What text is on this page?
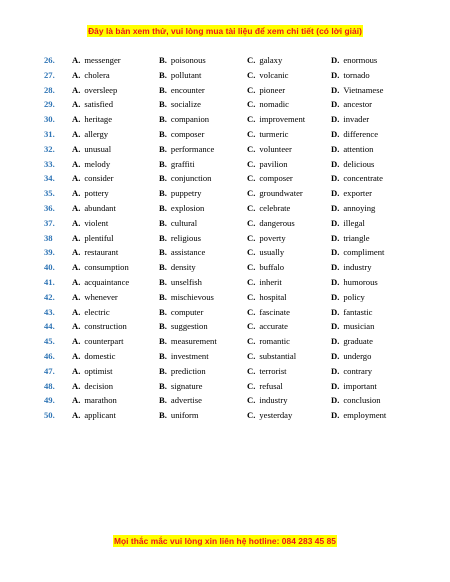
Đây là bản xem thử, vui lòng mua tài liệu để xem chi tiết (có lời giải)
26. A. messenger	B. poisonous	C. galaxy	D. enormous
27. A. cholera	B. pollutant	C. volcanic	D. tornado
28. A. oversleep	B. encounter	C. pioneer	D. Vietnamese
29. A. satisfied	B. socialize	C. nomadic	D. ancestor
30. A. heritage	B. companion	C. improvement	D. invader
31. A. allergy	B. composer	C. turmeric	D. difference
32. A. unusual	B. performance	C. volunteer	D. attention
33. A. melody	B. graffiti	C. pavilion	D. delicious
34. A. consider	B. conjunction	C. composer	D. concentrate
35. A. pottery	B. puppetry	C. groundwater	D. exporter
36. A. abundant	B. explosion	C. celebrate	D. annoying
37. A. violent	B. cultural	C. dangerous	D. illegal
38 A. plentiful	B. religious	C. poverty	D. triangle
39. A. restaurant	B. assistance	C. usually	D. compliment
40. A. consumption	B. density	C. buffalo	D. industry
41. A. acquaintance	B. unselfish	C. inherit	D. humorous
42. A. whenever	B. mischievous	C. hospital	D. policy
43. A. electric	B. computer	C. fascinate	D. fantastic
44. A. construction	B. suggestion	C. accurate	D. musician
45. A. counterpart	B. measurement	C. romantic	D. graduate
46. A. domestic	B. investment	C. substantial	D. undergo
47. A. optimist	B. prediction	C. terrorist	D. contrary
48. A. decision	B. signature	C. refusal	D. important
49. A. marathon	B. advertise	C. industry	D. conclusion
50. A. applicant	B. uniform	C. yesterday	D. employment
Mọi thắc mắc vui lòng xin liên hệ hotline: 084 283 45 85
